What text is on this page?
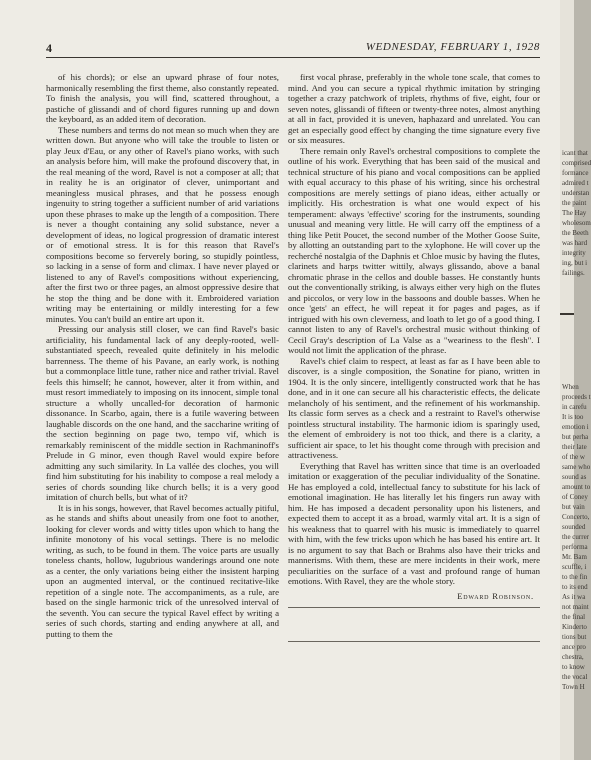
4	WEDNESDAY, FEBRUARY 1, 1928

of his chords); or else an upward phrase of four notes, harmonically resembling the first theme, also constantly repeated. To finish the analysis, you will find, scattered throughout, a pastiche of glissandi and of chord figures running up and down the keyboard, as an added item of decoration.

These numbers and terms do not mean so much when they are written down. But anyone who will take the trouble to listen or play Jeux d'Eau, or any other of Ravel's piano works, with such an analysis before him, will make the profound discovery that, in the real meaning of the word, Ravel is not a composer at all; that in reality he is an originator of clever, unimportant and meaningless musical phrases, and that he possess enough ingenuity to string together a sufficient number of arid variations upon these phrases to make up the length of a composition. There is never a thought containing any solid substance, never a development of ideas, no logical progression of dramatic interest or of emotional stress. It is for this reason that Ravel's compositions become so ferverely boring, so stupidly pointless, so lacking in a sense of form and climax. I have never played or listened to any of Ravel's compositions without experiencing, after the first two or three pages, an almost oppressive desire that he stop the thing and be done with it. Embroidered variation writing may be entertaining or mildly interesting for a few minutes. You can't build an entire art upon it.

Pressing our analysis still closer, we can find Ravel's basic artificiality, his fundamental lack of any deeply-rooted, well-substantiated speech, revealed quite definitely in his melodic barrenness. The theme of his Pavane, an early work, is nothing but a commonplace little tune, rather nice and rather trivial. Ravel feels this himself; he cannot, however, alter it from within, and must resort immediately to imposing on its innocent, simple tonal structure a wholly uncalled-for decoration of harmonic dissonance. In Scarbo, again, there is a futile wavering between laughable discords on the one hand, and the saccharine writing of the section beginning on page two, tempo vif, which is remarkably reminiscent of the middle section in Rachmaninoff's Prelude in G minor, even though Ravel would expire before admitting any such similarity. In La vallée des cloches, you will find him substituting for his inability to compose a real melody a series of chords sounding like church bells; it is a very good imitation of church bells, but what of it?

It is in his songs, however, that Ravel becomes actually pitiful, as he stands and shifts about uneasily from one foot to another, looking for clever words and witty titles upon which to hang the infinite monotony of his vocal settings. There is no melodic writing, as such, to be found in them. The voice parts are usually toneless chants, hollow, lugubrious wanderings around one note as a center, the only variations being either the insistent harping upon an augmented interval, or the continued recitative-like repetition of a single note. The accompaniments, as a rule, are based on the single harmonic trick of the unresolved interval of the seventh. You can secure the typical Ravel effect by writing a series of such chords, starting and ending anywhere at all, and putting to them the

first vocal phrase, preferably in the whole tone scale, that comes to mind. And you can secure a typical rhythmic imitation by stringing together a crazy patchwork of triplets, rhythms of five, eight, four or seven notes, glissandi of fifteen or twenty-three notes, almost anything at all in fact, provided it is uneven, haphazard and unrelated. You can get an especially good effect by changing the time signature every five or six measures.

There remain only Ravel's orchestral compositions to complete the outline of his work. Everything that has been said of the musical and technical structure of his piano and vocal compositions can be applied with equal accuracy to this phase of his writing, since his orchestral compositions are merely settings of piano ideas, either actually or implicitly. His orchestration is what one would expect of his temperament: always 'effective' scoring for the instruments, sounding unusual and meaning very little. He will carry off the emptiness of a thing like Petit Poucet, the second number of the Mother Goose Suite, by allotting an outstanding part to the xylophone. He will cover up the recherché nostalgia of the Daphnis et Chloe music by having the flutes, clarinets and harps twitter wittily, always glissando, above a banal chromatic phrase in the cellos and double basses. He constantly hunts out the conventionally striking, is always either very high on the flutes and piccolos, or very low in the bassoons and double basses. When he once 'gets' an effect, he will repeat it for pages and pages, as if intrigued with his own cleverness, and loath to let go of a good thing. I cannot listen to any of Ravel's orchestral music without thinking of Cecil Gray's description of La Valse as a "weariness to the flesh". I would not limit the application of the phrase.

Ravel's chief claim to respect, at least as far as I have been able to discover, is a single composition, the Sonatine for piano, written in 1904. It is the only sincere, intelligently constructed work that he has done, and in it one can secure all his characteristic effects, the delicate melancholy of his sentiment, and the refinement of his workmanship. Its classic form serves as a check and a restraint to Ravel's otherwise pointless structural instability. The harmonic idiom is sparingly used, the element of embroidery is not too thick, and there is a clarity, a sufficient air space, to let his thought come through with precision and attractiveness.

Everything that Ravel has written since that time is an overloaded imitation or exaggeration of the peculiar individuality of the Sonatine. He has employed a cold, intellectual fancy to substitute for his lack of emotional imagination. He has literally let his fingers run away with him. He has imposed a decadent personality upon his listeners, and expected them to accept it as a broad, warmly vital art. It is a sign of his weakness that to quarrel with his music is immediately to quarrel with him, with the few tricks upon which he has based his entire art. It is no argument to say that Bach or Brahms also have their tricks and mannerisms. With them, these are mere incidents in their work, mere peculiarities on the surface of a vast and profound range of human emotions. With Ravel, they are the whole story.

Edward Robinson.
icant that
comprised
formance
admired t
understan
the paint
The Hay
wholesom
the Beeth
was hard
integrity
ing, but i
failings.
When
proceeds t
in carefu
It is too
emotion i
but perha
their late
of the w
same who
sound as
amount to
of Coney
but vain
Concerto,
sounded
the currer
performa
Mr. Bam
scuffle, i
to the fin
to its end
As it wa
not maint
the final
Kinderto
tions but
ance pro
chestra,
to know
the vocal
Town H
